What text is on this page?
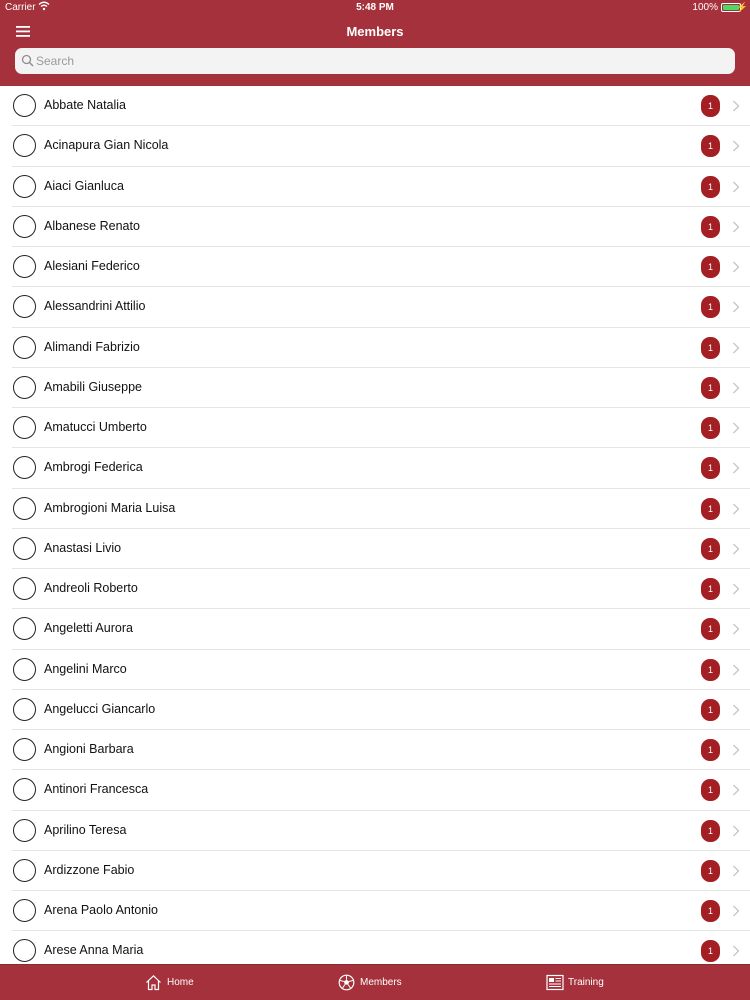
Carrier	5:48 PM	100% ⚡
Members
Search
Abbate Natalia	1
Acinapura Gian Nicola	1
Aiaci Gianluca	1
Albanese Renato	1
Alesiani Federico	1
Alessandrini Attilio	1
Alimandi Fabrizio	1
Amabili Giuseppe	1
Amatucci Umberto	1
Ambrogi Federica	1
Ambrogioni Maria Luisa	1
Anastasi Livio	1
Andreoli Roberto	1
Angeletti Aurora	1
Angelini Marco	1
Angelucci Giancarlo	1
Angioni Barbara	1
Antinori Francesca	1
Aprilino Teresa	1
Ardizzone Fabio	1
Arena Paolo Antonio	1
Arese Anna Maria	1
Home	Members	Training
